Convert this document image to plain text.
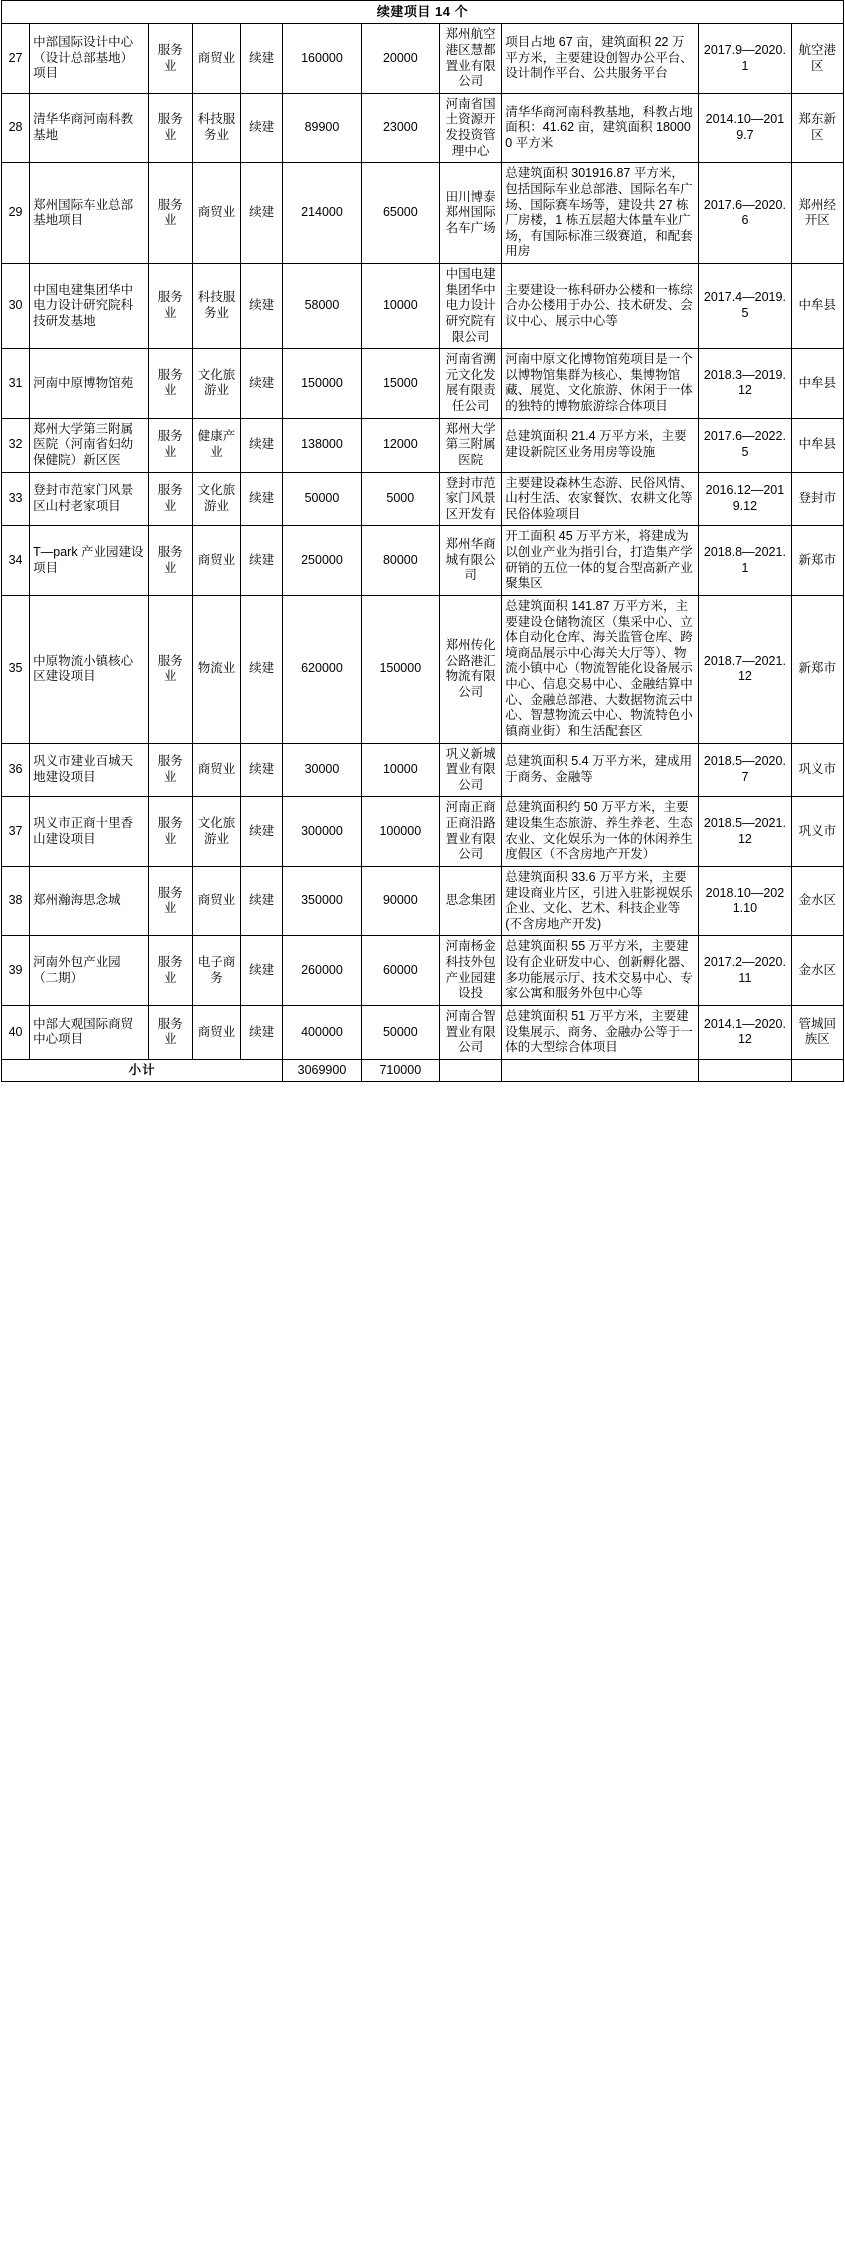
续建项目 14 个										
27	中部国际设计中心（设计总部基地）项目	服务业	商贸业	续建	160000	20000	郑州航空港区慧都置业有限公司	项目占地 67 亩，建筑面积 22 万平方米，主要建设创智办公平台、设计制作平台、公共服务平台	2017.9—2020.1	航空港区
28	清华华商河南科教基地	服务业	科技服务业	续建	89900	23000	河南省国土资源开发投资管理中心	清华华商河南科教基地，科教占地面积：41.62 亩，建筑面积 180000 平方米	2014.10—2019.7	郑东新区
29	郑州国际车业总部基地项目	服务业	商贸业	续建	214000	65000	田川博泰郑州国际名车广场	总建筑面积 301916.87 平方米，包括国际车业总部港、国际名车广场、国际赛车场等，建设共 27 栋厂房楼，1 栋五层超大体量车业广场，有国际标准三级赛道，和配套用房	2017.6—2020.6	郑州经开区
30	中国电建集团华中电力设计研究院科技研发基地	服务业	科技服务业	续建	58000	10000	中国电建集团华中电力设计研究院有限公司	主要建设一栋科研办公楼和一栋综合办公楼用于办公、技术研发、会议中心、展示中心等	2017.4—2019.5	中牟县
31	河南中原博物馆苑	服务业	文化旅游业	续建	150000	15000	河南省溯元文化发展有限责任公司	河南中原文化博物馆苑项目是一个以博物馆集群为核心、集博物馆藏、展览、文化旅游、休闲于一体的独特的博物旅游综合体项目	2018.3—2019.12	中牟县
32	郑州大学第三附属医院（河南省妇幼保健院）新区医	服务业	健康产业	续建	138000	12000	郑州大学第三附属医院	总建筑面积 21.4 万平方米，主要建设新院区业务用房等设施	2017.6—2022.5	中牟县
33	登封市范家门风景区山村老家项目	服务业	文化旅游业	续建	50000	5000	登封市范家门风景区开发有	主要建设森林生态游、民俗风情、山村生活、农家餐饮、农耕文化等民俗体验项目	2016.12—2019.12	登封市
34	T—park 产业园建设项目	服务业	商贸业	续建	250000	80000	郑州华商城有限公司	开工面积 45 万平方米，将建成为以创业产业为指引台，打造集产学研销的五位一体的复合型高新产业聚集区	2018.8—2021.1	新郑市
35	中原物流小镇核心区建设项目	服务业	物流业	续建	620000	150000	郑州传化公路港汇物流有限公司	总建筑面积 141.87 万平方米，主要建设仓储物流区（集采中心、立体自动化仓库、海关监管仓库、跨境商品展示中心海关大厅等）、物流小镇中心（物流智能化设备展示中心、信息交易中心、金融结算中心、金融总部港、大数据物流云中心、智慧物流云中心、物流特色小镇商业街）和生活配套区	2018.7—2021.12	新郑市
36	巩义市建业百城天地建设项目	服务业	商贸业	续建	30000	10000	巩义新城置业有限公司	总建筑面积 5.4 万平方米，建成用于商务、金融等	2018.5—2020.7	巩义市
37	巩义市正商十里香山建设项目	服务业	文化旅游业	续建	300000	100000	河南正商正商沿路置业有限公司	总建筑面积约 50 万平方米，主要建设集生态旅游、养生养老、生态农业、文化娱乐为一体的休闲养生度假区（不含房地产开发）	2018.5—2021.12	巩义市
38	郑州瀚海思念城	服务业	商贸业	续建	350000	90000	思念集团	总建筑面积 33.6 万平方米，主要建设商业片区，引进入驻影视娱乐企业、文化、艺术、科技企业等(不含房地产开发)	2018.10—2021.10	金水区
39	河南外包产业园（二期）	服务业	电子商务	续建	260000	60000	河南杨金科技外包产业园建设投	总建筑面积 55 万平方米，主要建设有企业研发中心、创新孵化器、多功能展示厅、技术交易中心、专家公寓和服务外包中心等	2017.2—2020.11	金水区
40	中部大观国际商贸中心项目	服务业	商贸业	续建	400000	50000	河南合智置业有限公司	总建筑面积 51 万平方米，主要建设集展示、商务、金融办公等于一体的大型综合体项目	2014.1—2020.12	管城回族区
小计					3069900	710000				
